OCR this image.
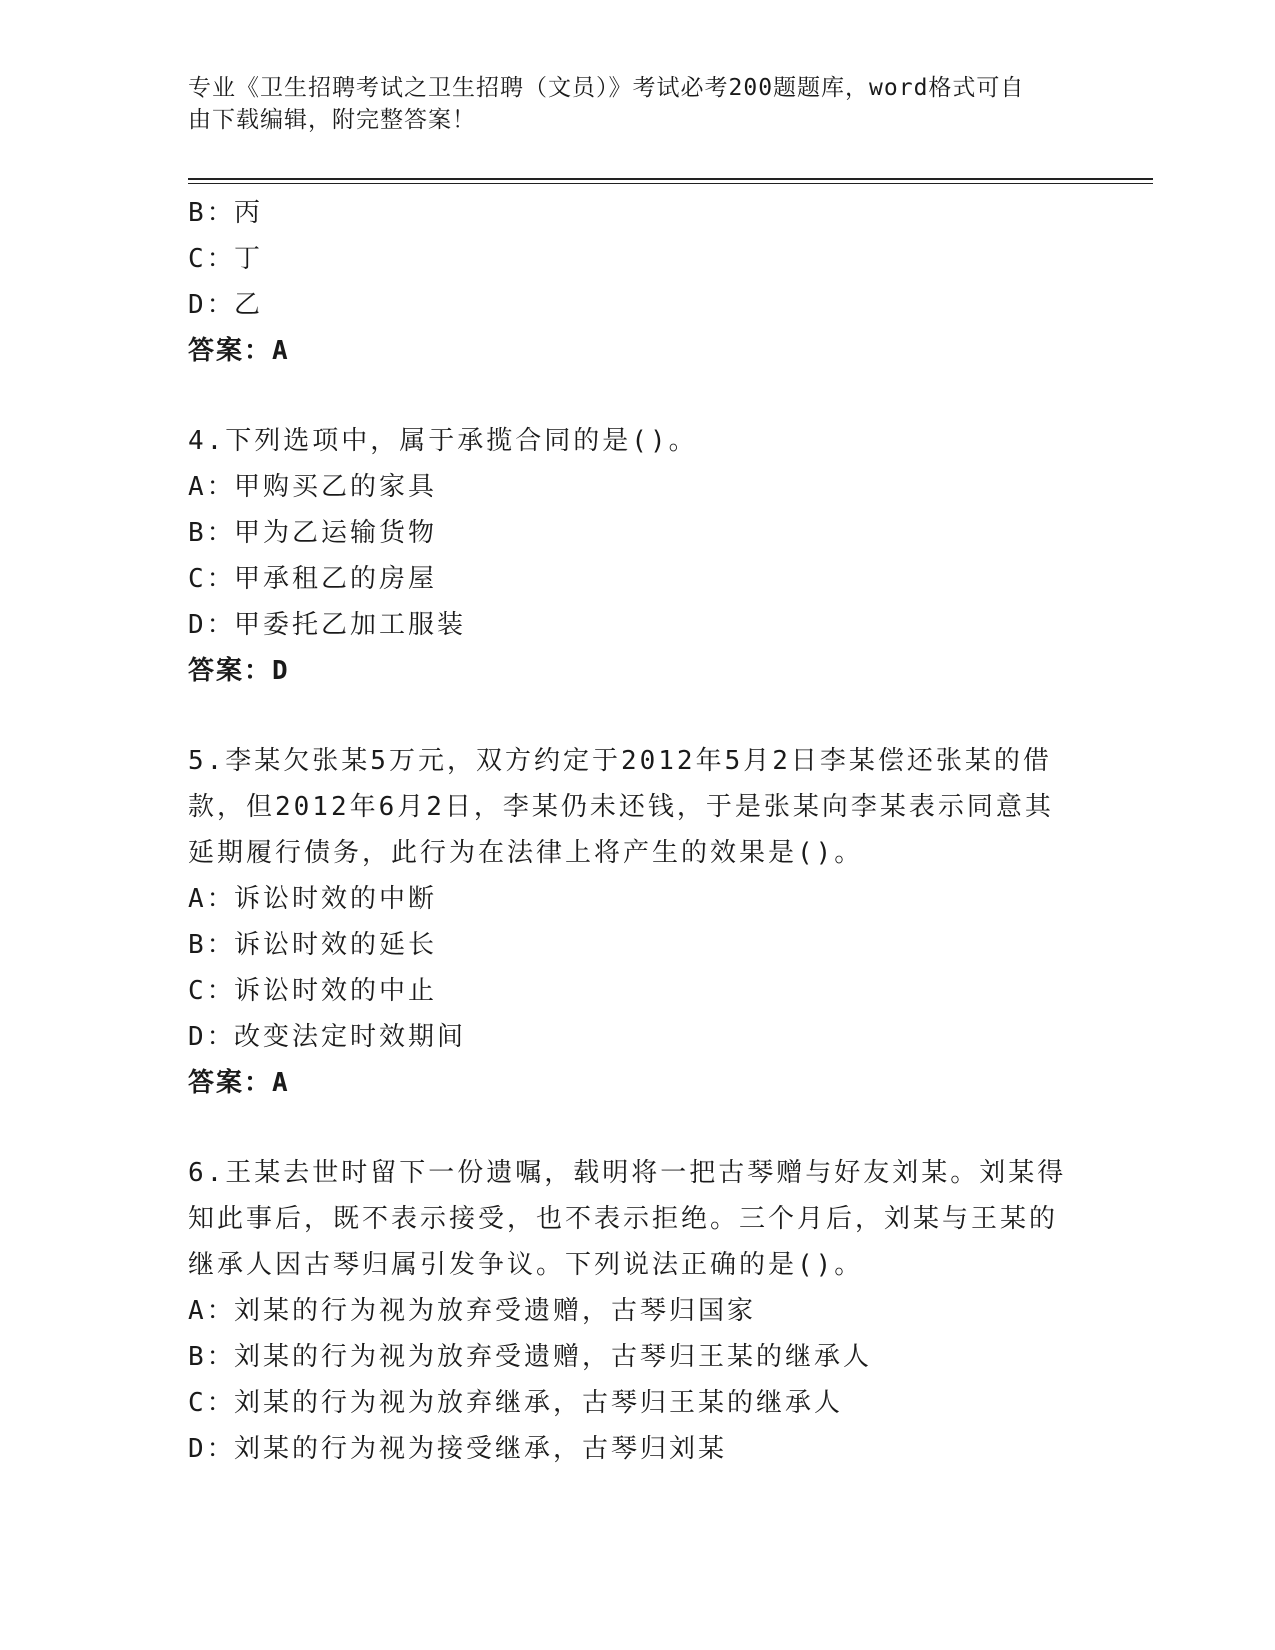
专业《卫生招聘考试之卫生招聘（文员）》考试必考200题题库，word格式可自
由下载编辑，附完整答案！
B：丙
C：丁
D：乙
答案：A
4.下列选项中，属于承揽合同的是()。
A：甲购买乙的家具
B：甲为乙运输货物
C：甲承租乙的房屋
D：甲委托乙加工服装
答案：D
5.李某欠张某5万元，双方约定于2012年5月2日李某偿还张某的借
款，但2012年6月2日，李某仍未还钱，于是张某向李某表示同意其
延期履行债务，此行为在法律上将产生的效果是()。
A：诉讼时效的中断
B：诉讼时效的延长
C：诉讼时效的中止
D：改变法定时效期间
答案：A
6.王某去世时留下一份遗嘱，载明将一把古琴赠与好友刘某。刘某得
知此事后，既不表示接受，也不表示拒绝。三个月后，刘某与王某的
继承人因古琴归属引发争议。下列说法正确的是()。
A：刘某的行为视为放弃受遗赠，古琴归国家
B：刘某的行为视为放弃受遗赠，古琴归王某的继承人
C：刘某的行为视为放弃继承，古琴归王某的继承人
D：刘某的行为视为接受继承，古琴归刘某
